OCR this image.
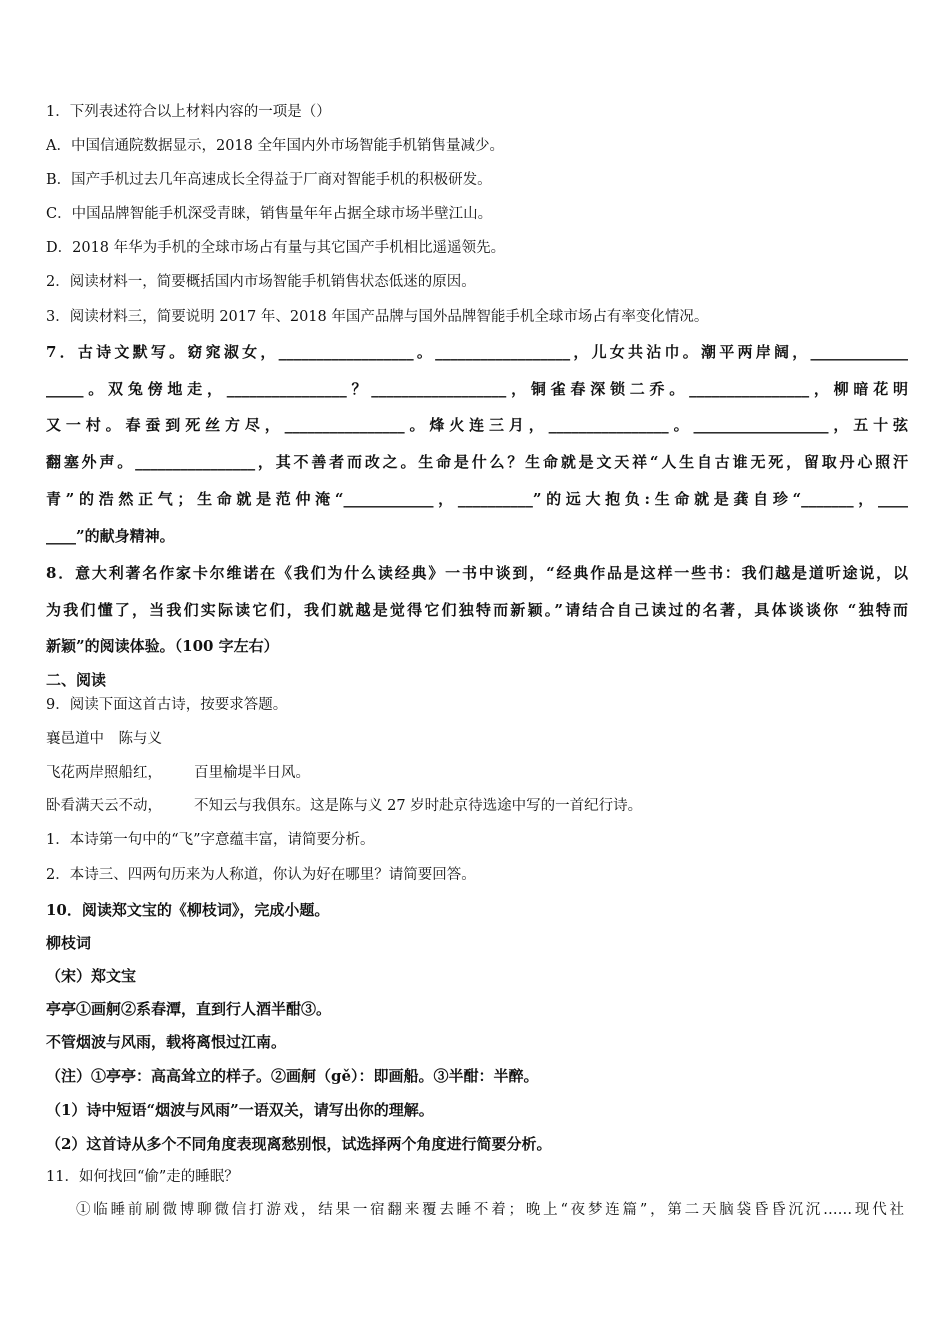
1．下列表述符合以上材料内容的一项是（）
A．中国信通院数据显示，2018 全年国内外市场智能手机销售量减少。
B．国产手机过去几年高速成长全得益于厂商对智能手机的积极研发。
C．中国品牌智能手机深受青睐，销售量年年占据全球市场半壁江山。
D．2018 年华为手机的全球市场占有量与其它国产手机相比遥遥领先。
2．阅读材料一，简要概括国内市场智能手机销售状态低迷的原因。
3．阅读材料三，简要说明 2017 年、2018 年国产品牌与国外品牌智能手机全球市场占有率变化情况。
7．古诗文默写。窈窕淑女，__________________。__________________，儿女共沾巾。潮平两岸阔，_____________
_____。双兔傍地走，________________？__________________，铜雀春深锁二乔。________________，柳暗花明
又一村。春蚕到死丝方尽，________________。烽火连三月，________________。__________________，五十弦
翻塞外声。________________，其不善者而改之。生命是什么？生命就是文天祥“人生自古谁无死，留取丹心照汗
青”的浩然正气；生命就是范仲淹“____________，__________”的远大抱负:生命就是龚自珍“_______，____
____”的献身精神。
8．意大利著名作家卡尔维诺在《我们为什么读经典》一书中谈到，“经典作品是这样一些书：我们越是道听途说，以
为我们懂了，当我们实际读它们，我们就越是觉得它们独特而新颖。”请结合自己读过的名著，具体谈谈你 “独特而
新颖”的阅读体验。（100 字左右）
二、阅读
9．阅读下面这首古诗，按要求答题。
襄邑道中　陈与义
飞花两岸照船红， 百里榆堤半日风。
卧看满天云不动， 不知云与我俱东。这是陈与义 27 岁时赴京待选途中写的一首纪行诗。
1．本诗第一句中的“飞”字意蕴丰富，请简要分析。
2．本诗三、四两句历来为人称道，你认为好在哪里？请简要回答。
10．阅读郑文宝的《柳枝词》，完成小题。
柳枝词
（宋）郑文宝
亭亭①画舸②系春潭，直到行人酒半酣③。
不管烟波与风雨，载将离恨过江南。
（注）①亭亭：高高耸立的样子。②画舸（gě）：即画船。③半酣：半醉。
（1）诗中短语“烟波与风雨”一语双关，请写出你的理解。
（2）这首诗从多个不同角度表现离愁别恨，试选择两个角度进行简要分析。
11．如何找回“偷”走的睡眠？
①临睡前刷微博聊微信打游戏，结果一宿翻来覆去睡不着；晚上“夜梦连篇”，第二天脑袋昏昏沉沉……现代社
